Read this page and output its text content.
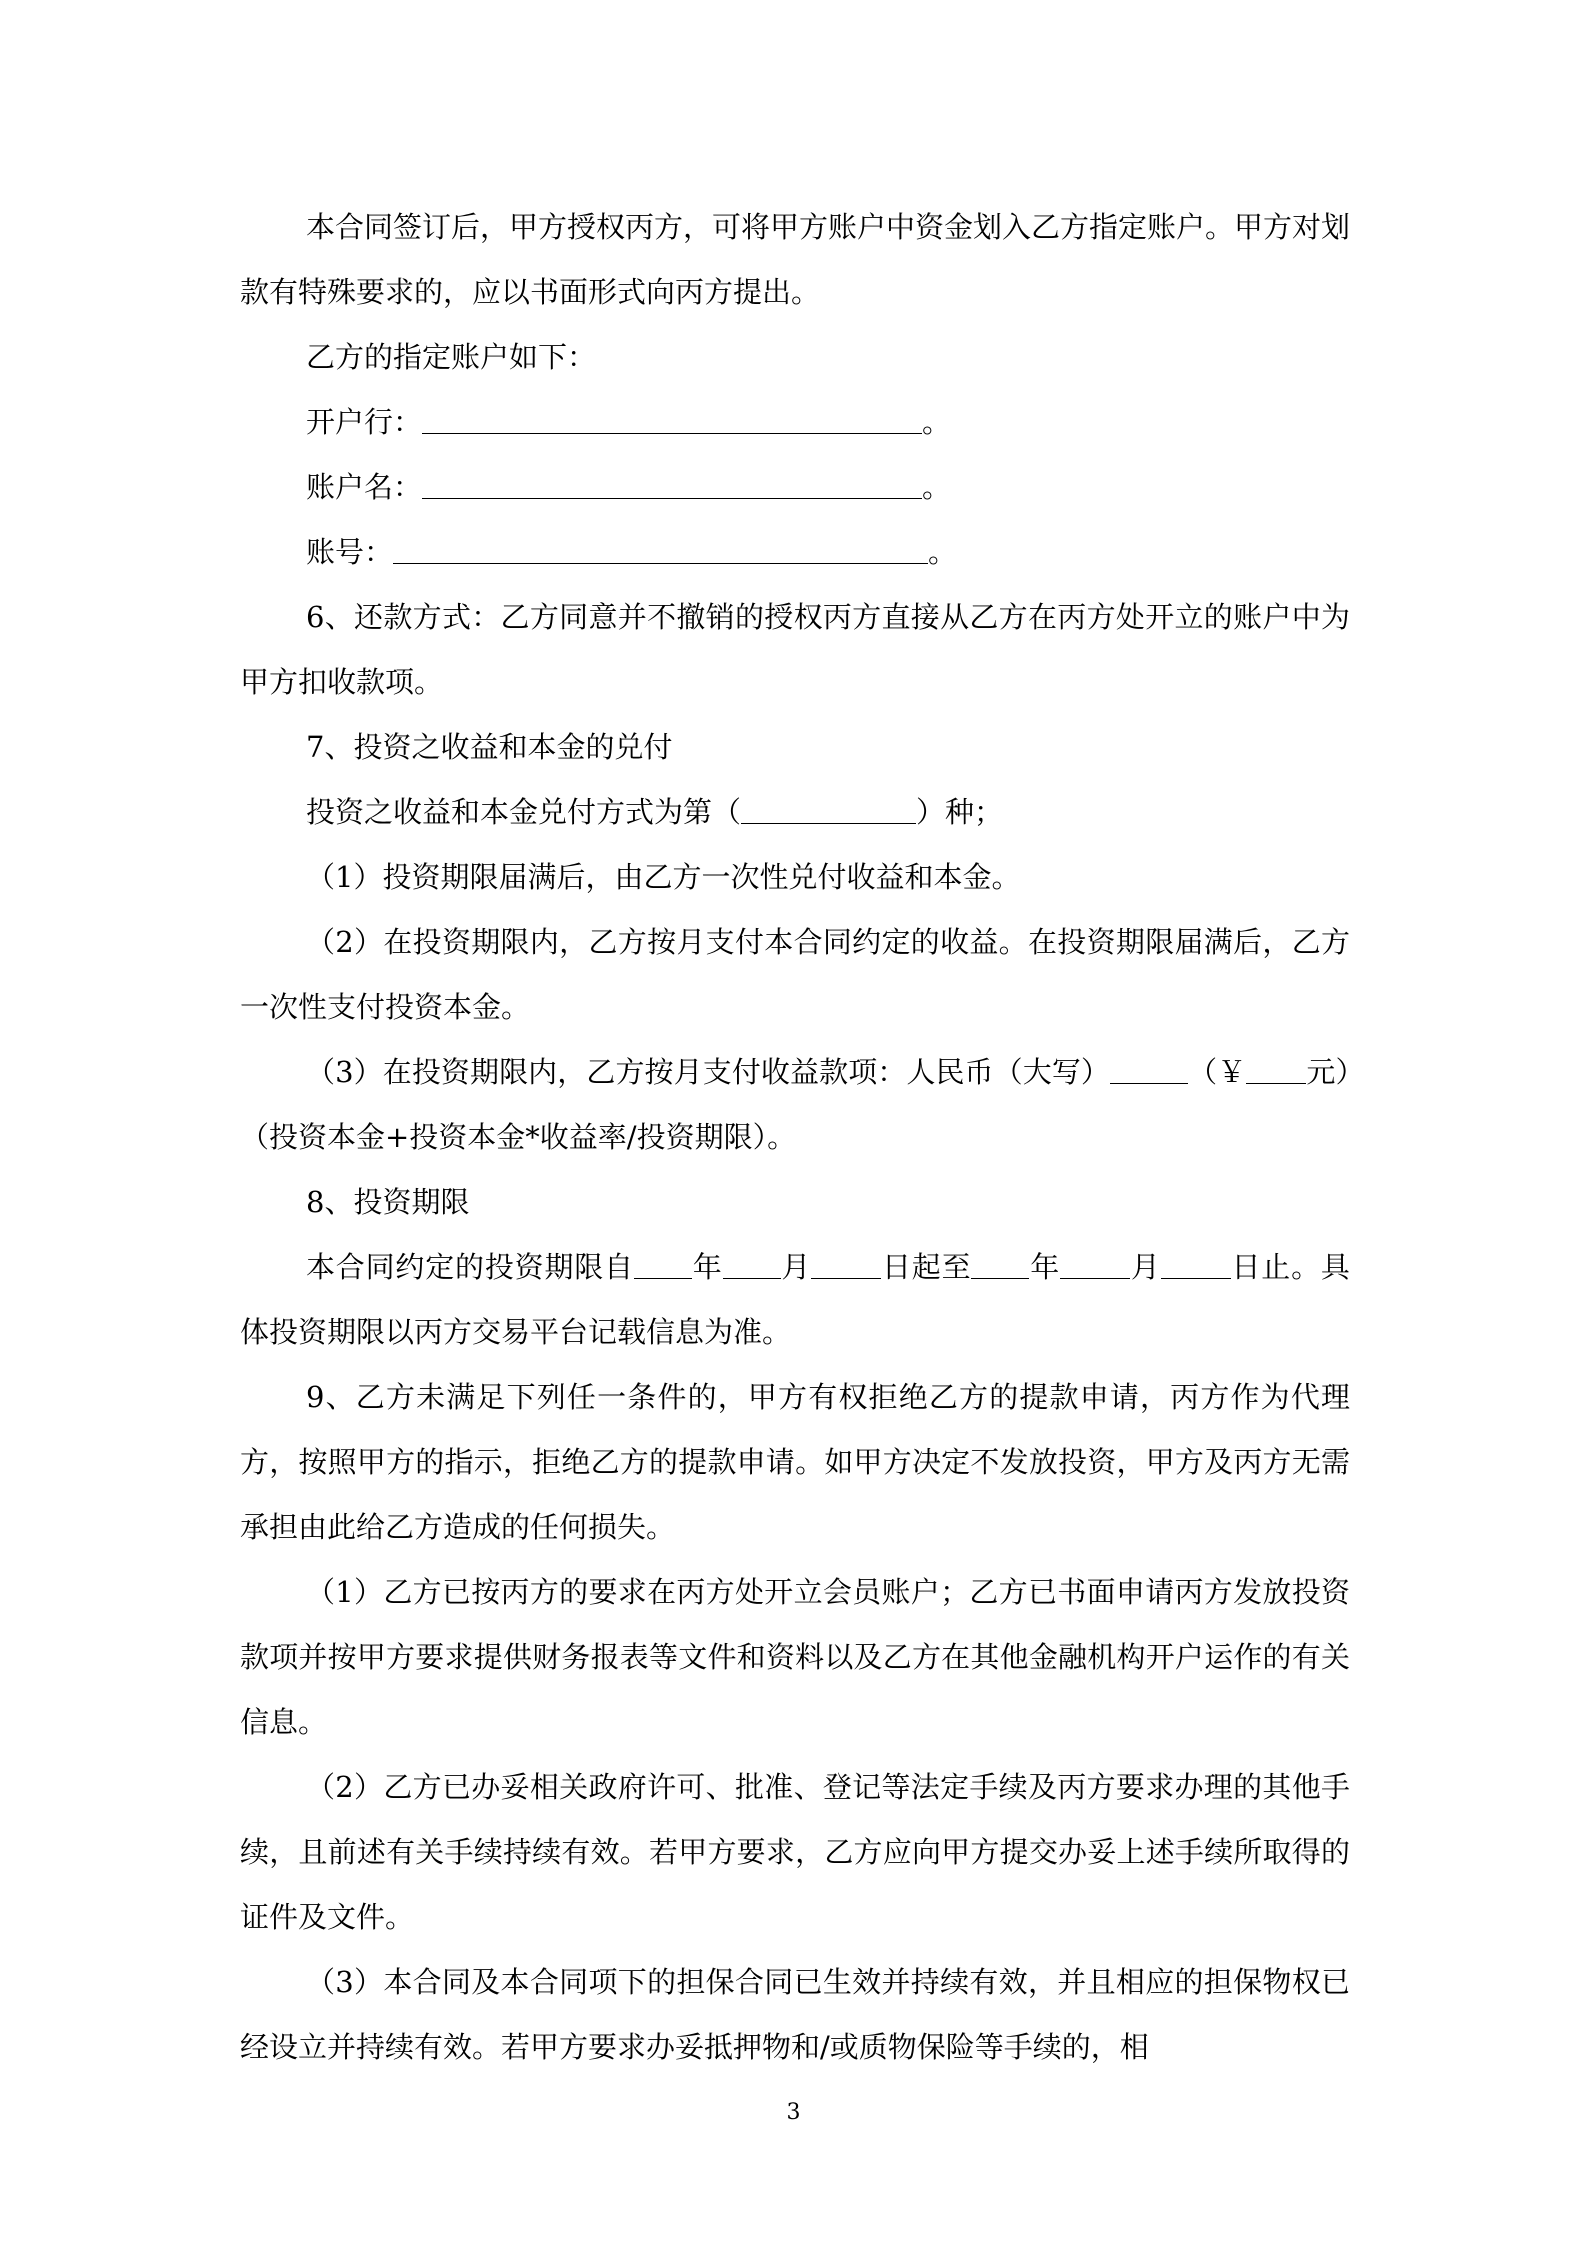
本合同签订后，甲方授权丙方，可将甲方账户中资金划入乙方指定账户。甲方对划款有特殊要求的，应以书面形式向丙方提出。

乙方的指定账户如下：

开户行：	。

账户名：	。

账号：	。

6、还款方式：乙方同意并不撤销的授权丙方直接从乙方在丙方处开立的账户中为甲方扣收款项。

7、投资之收益和本金的兑付

投资之收益和本金兑付方式为第（	）种；

（1）投资期限届满后，由乙方一次性兑付收益和本金。

（2）在投资期限内，乙方按月支付本合同约定的收益。在投资期限届满后，乙方一次性支付投资本金。

（3）在投资期限内，乙方按月支付收益款项：人民币（大写）	（￥ 元）（投资本金+投资本金*收益率/投资期限）。

8、投资期限

本合同约定的投资期限自 年 月 日起至 年 月 日止。具体投资期限以丙方交易平台记载信息为准。

9、乙方未满足下列任一条件的，甲方有权拒绝乙方的提款申请，丙方作为代理方，按照甲方的指示，拒绝乙方的提款申请。如甲方决定不发放投资，甲方及丙方无需承担由此给乙方造成的任何损失。

（1）乙方已按丙方的要求在丙方处开立会员账户；乙方已书面申请丙方发放投资款项并按甲方要求提供财务报表等文件和资料以及乙方在其他金融机构开户运作的有关信息。

（2）乙方已办妥相关政府许可、批准、登记等法定手续及丙方要求办理的其他手续，且前述有关手续持续有效。若甲方要求，乙方应向甲方提交办妥上述手续所取得的证件及文件。

（3）本合同及本合同项下的担保合同已生效并持续有效，并且相应的担保物权已经设立并持续有效。若甲方要求办妥抵押物和/或质物保险等手续的，相

3
